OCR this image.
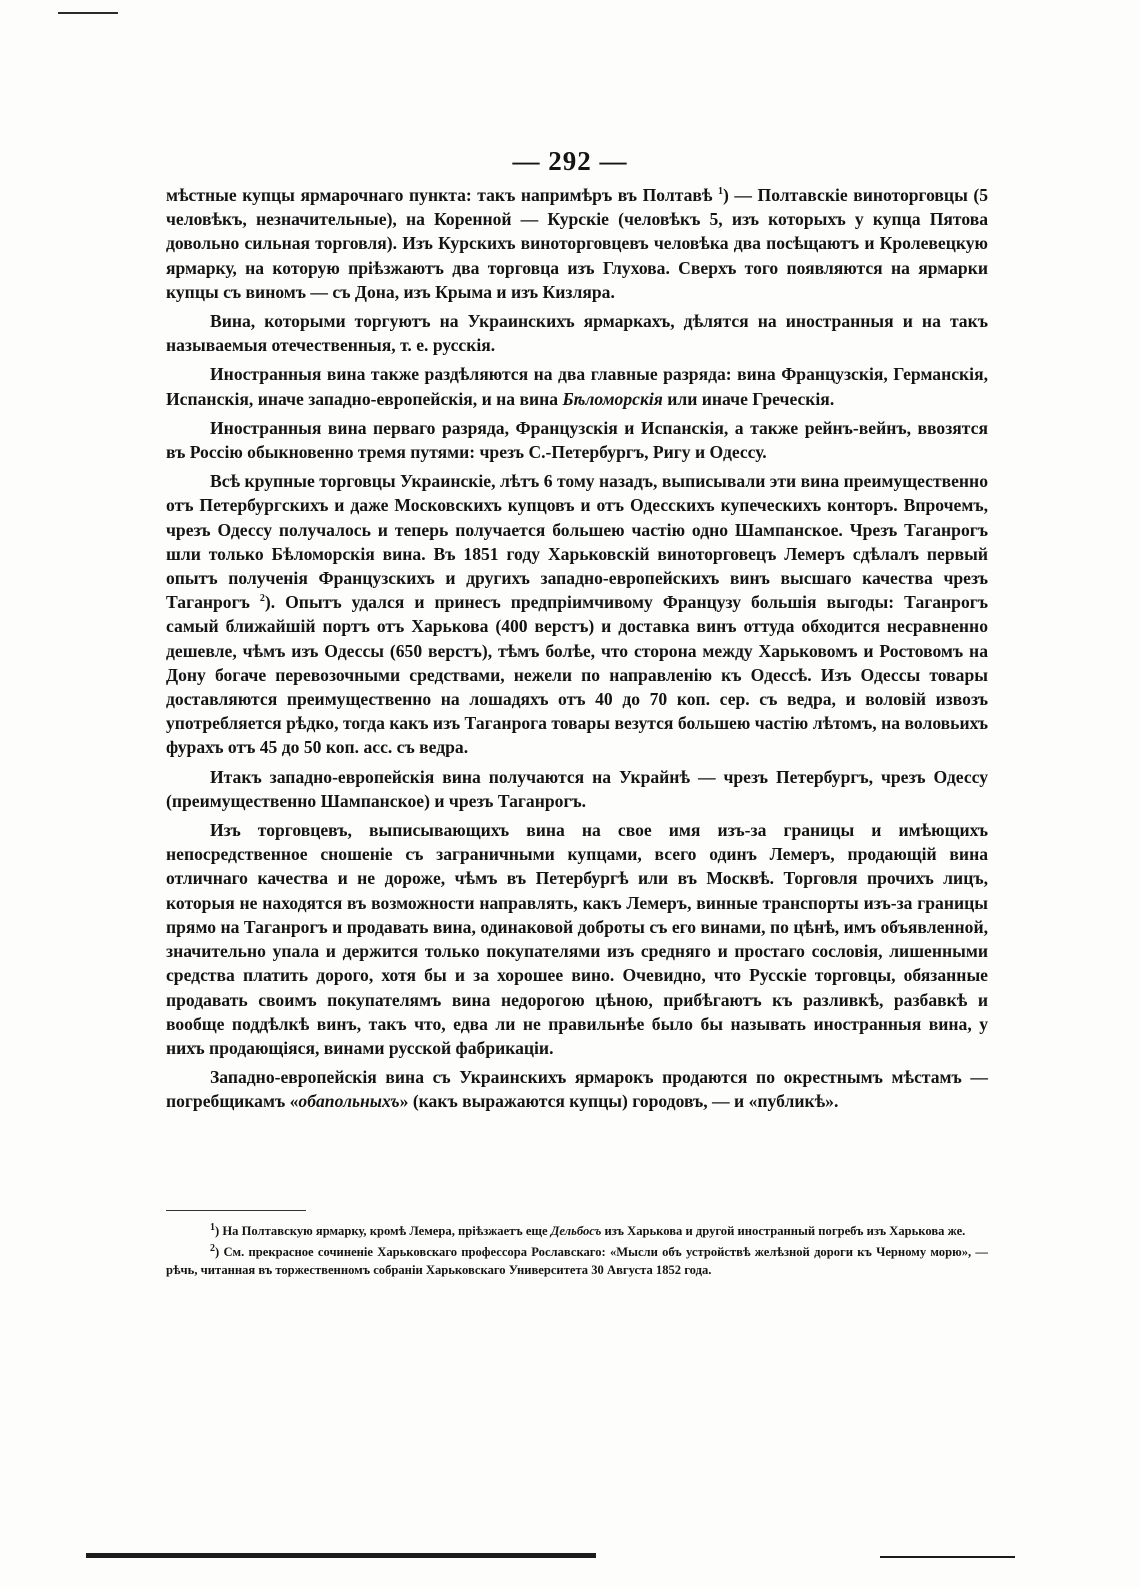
— 292 —

мѣстные купцы ярмарочнаго пункта: такъ напримѣръ въ Полтавѣ $^1$) — Полтавскіе виноторговцы (5 человѣкъ, незначительные), на Коренной — Курскіе (человѣкъ 5, изъ которыхъ у купца Пятова довольно сильная торговля). Изъ Курскихъ виноторговцевъ человѣка два посѣщаютъ и Кролевецкую ярмарку, на которую пріѣзжаютъ два торговца изъ Глухова. Сверхъ того появляются на ярмарки купцы съ виномъ — съ Дона, изъ Крыма и изъ Кизляра.

Вина, которыми торгуютъ на Украинскихъ ярмаркахъ, дѣлятся на иностранныя и на такъ называемыя отечественныя, т. е. русскія.

Иностранныя вина также раздѣляются на два главные разряда: вина Французскія, Германскія, Испанскія, иначе западно-европейскія, и на вина Бѣломорскія или иначе Греческія.

Иностранныя вина перваго разряда, Французскія и Испанскія, а также рейнъ-вейнъ, ввозятся въ Россію обыкновенно тремя путями: чрезъ С.-Петербургъ, Ригу и Одессу.

Всѣ крупные торговцы Украинскіе, лѣтъ 6 тому назадъ, выписывали эти вина преимущественно отъ Петербургскихъ и даже Московскихъ купцовъ и отъ Одесскихъ купеческихъ конторъ. Впрочемъ, чрезъ Одессу получалось и теперь получается большею частію одно Шампанское. Чрезъ Таганрогъ шли только Бѣломорскія вина. Въ 1851 году Харьковскій виноторговецъ Лемеръ сдѣлалъ первый опытъ полученія Французскихъ и другихъ западно-европейскихъ винъ высшаго качества чрезъ Таганрогъ $^2$). Опытъ удался и принесъ предпріимчивому Французу большія выгоды: Таганрогъ самый ближайшій портъ отъ Харькова (400 верстъ) и доставка винъ оттуда обходится несравненно дешевле, чѣмъ изъ Одессы (650 верстъ), тѣмъ болѣе, что сторона между Харьковомъ и Ростовомъ на Дону богаче перевозочными средствами, нежели по направленію къ Одессѣ. Изъ Одессы товары доставляются преимущественно на лошадяхъ отъ 40 до 70 коп. сер. съ ведра, и воловій извозъ употребляется рѣдко, тогда какъ изъ Таганрога товары везутся большею частію лѣтомъ, на воловьихъ фурахъ отъ 45 до 50 коп. асс. съ ведра.

Итакъ западно-европейскія вина получаются на Украйнѣ — чрезъ Петербургъ, чрезъ Одессу (преимущественно Шампанское) и чрезъ Таганрогъ.

Изъ торговцевъ, выписывающихъ вина на свое имя изъ-за границы и имѣющихъ непосредственное сношеніе съ заграничными купцами, всего одинъ Лемеръ, продающій вина отличнаго качества и не дороже, чѣмъ въ Петербургѣ или въ Москвѣ. Торговля прочихъ лицъ, которыя не находятся въ возможности направлять, какъ Лемеръ, винные транспорты изъ-за границы прямо на Таганрогъ и продавать вина, одинаковой доброты съ его винами, по цѣнѣ, имъ объявленной, значительно упала и держится только покупателями изъ средняго и простаго сословія, лишенными средства платить дорого, хотя бы и за хорошее вино. Очевидно, что Русскіе торговцы, обязанные продавать своимъ покупателямъ вина недорогою цѣною, прибѣгаютъ къ разливкѣ, разбавкѣ и вообще поддѣлкѣ винъ, такъ что, едва ли не правильнѣе было бы называть иностранныя вина, у нихъ продающіяся, винами русской фабрикаціи.

Западно-европейскія вина съ Украинскихъ ярмарокъ продаются по окрестнымъ мѣстамъ — погребщикамъ «обапольныхъ» (какъ выражаются купцы) городовъ, — и «публикѣ».

$^1$) На Полтавскую ярмарку, кромѣ Лемера, пріѣзжаетъ еще Дельбосъ изъ Харькова и другой иностранный погребъ изъ Харькова же.

$^2$) См. прекрасное сочиненіе Харьковскаго профессора Рославскаго: «Мысли объ устройствѣ желѣзной дороги къ Черному морю», — рѣчь, читанная въ торжественномъ собраніи Харьковскаго Университета 30 Августа 1852 года.
